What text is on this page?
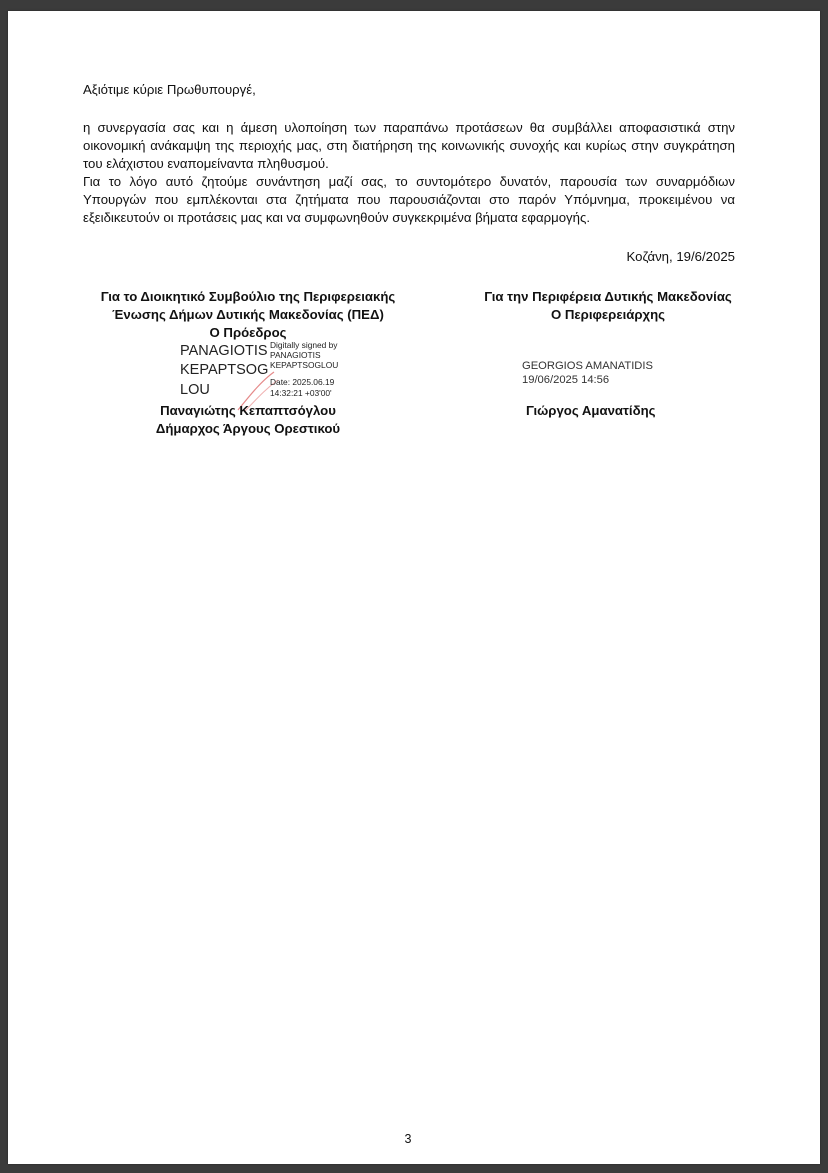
Αξιότιμε κύριε Πρωθυπουργέ,
η συνεργασία σας και η άμεση υλοποίηση των παραπάνω προτάσεων θα συμβάλλει αποφασιστικά στην
οικονομική ανάκαμψη της περιοχής μας, στη διατήρηση της κοινωνικής συνοχής και κυρίως στην συγκράτηση
του ελάχιστου εναπομείναντα πληθυσμού.
Για το λόγο αυτό ζητούμε συνάντηση μαζί σας, το συντομότερο δυνατόν, παρουσία των συναρμόδιων
Υπουργών που εμπλέκονται στα ζητήματα που παρουσιάζονται στο παρόν Υπόμνημα, προκειμένου να
εξειδικευτούν οι προτάσεις μας και να συμφωνηθούν συγκεκριμένα βήματα εφαρμογής.
Κοζάνη, 19/6/2025
Για το Διοικητικό Συμβούλιο της Περιφερειακής
Ένωσης Δήμων Δυτικής Μακεδονίας (ΠΕΔ)
Ο Πρόεδρος
PANAGIOTIS
KEPAPTSOG
LOU
Digitally signed by
PANAGIOTIS
KEPAPTSOGLOU
Date: 2025.06.19
14:32:21 +03'00'
Παναγιώτης Κεπαπτσόγλου
Δήμαρχος Άργους Ορεστικού
Για την Περιφέρεια Δυτικής Μακεδονίας
Ο Περιφερειάρχης
GEORGIOS AMANATIDIS
19/06/2025 14:56
Γιώργος Αμανατίδης
3
